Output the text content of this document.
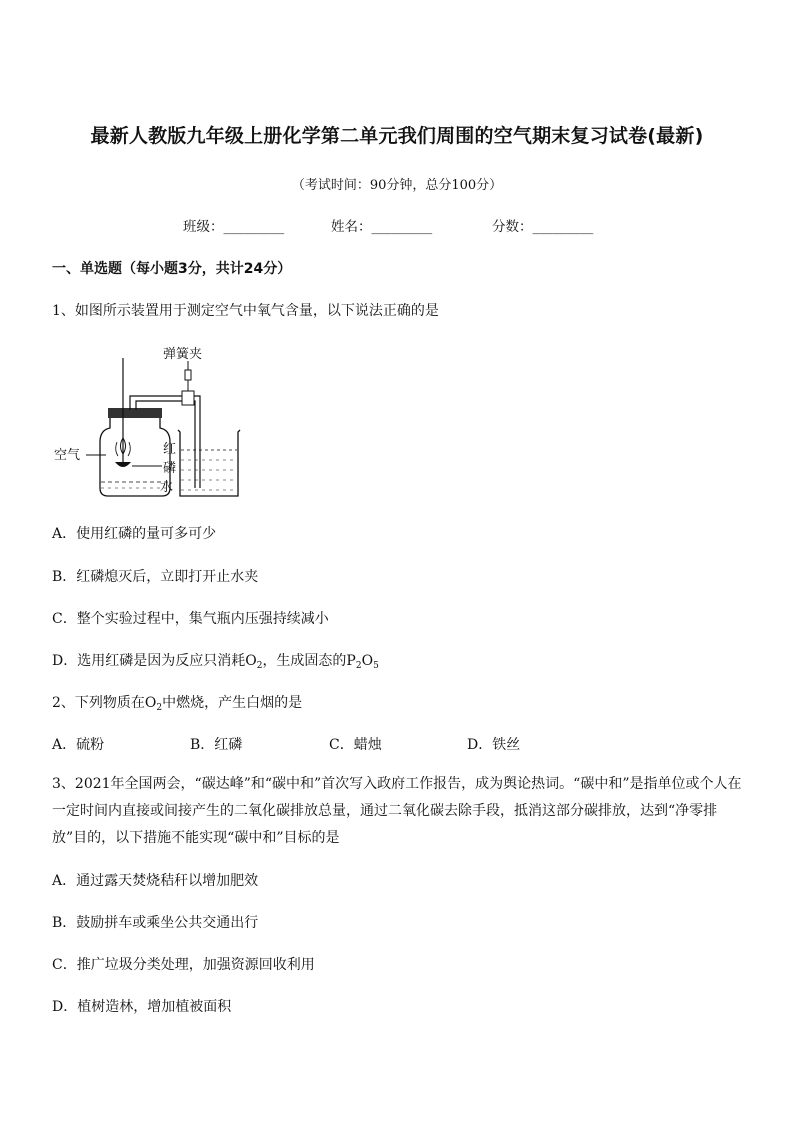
最新人教版九年级上册化学第二单元我们周围的空气期末复习试卷(最新)
（考试时间：90分钟，总分100分）
班级：_________	姓名：_________	分数：_________
一、单选题（每小题3分，共计24分）
1、如图所示装置用于测定空气中氧气含量，以下说法正确的是
弹簧夹
空气	红
磷
水
A．使用红磷的量可多可少
B．红磷熄灭后，立即打开止水夹
C．整个实验过程中，集气瓶内压强持续减小
D．选用红磷是因为反应只消耗$O_2$，生成固态的$P_2O_5$
2、下列物质在$O_2$中燃烧，产生白烟的是
A．硫粉	B．红磷	C．蜡烛	D．铁丝
3、2021年全国两会，“碳达峰”和“碳中和”首次写入政府工作报告，成为舆论热词。“碳中和”是指单位或个人在一定时间内直接或间接产生的二氧化碳排放总量，通过二氧化碳去除手段，抵消这部分碳排放，达到“净零排放”目的，以下措施不能实现“碳中和”目标的是
A．通过露天焚烧秸秆以增加肥效
B．鼓励拼车或乘坐公共交通出行
C．推广垃圾分类处理，加强资源回收利用
D．植树造林，增加植被面积
